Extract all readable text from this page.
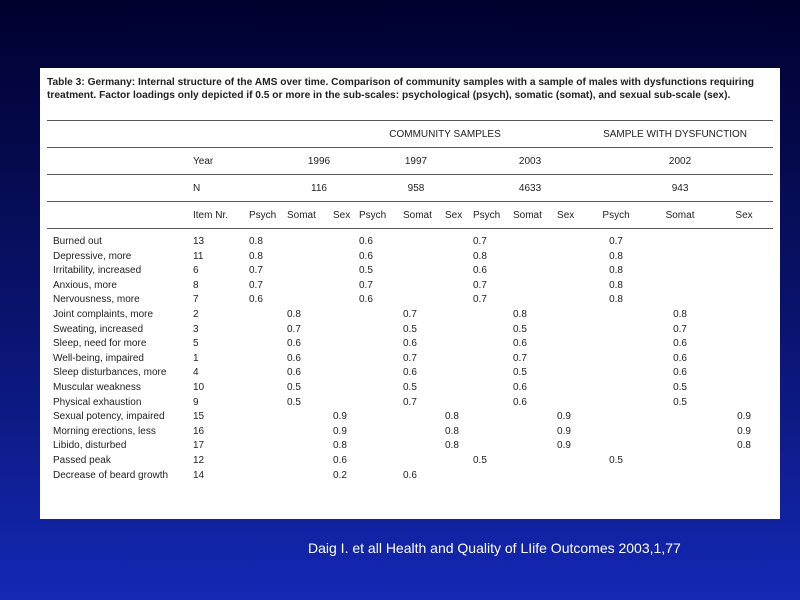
Table 3: Germany: Internal structure of the AMS over time. Comparison of community samples with a sample of males with dysfunctions requiring treatment. Factor loadings only depicted if 0.5 or more in the sub-scales: psychological (psych), somatic (somat), and sexual sub-scale (sex).

				COMMUNITY SAMPLES						SAMPLE WITH DYSFUNCTION			
	Year	1996			1997			2003			2002		
	N	116			958			4633			943		
	Item Nr.	Psych	Somat	Sex	Psych	Somat	Sex	Psych	Somat	Sex	Psych	Somat	Sex

Burned out	13	0.8			0.6			0.7			0.7		
Depressive, more	11	0.8			0.6			0.8			0.8		
Irritability, increased	6	0.7			0.5			0.6			0.8		
Anxious, more	8	0.7			0.7			0.7			0.8		
Nervousness, more	7	0.6			0.6			0.7			0.8		
Joint complaints, more	2		0.8			0.7			0.8			0.8	
Sweating, increased	3		0.7			0.5			0.5			0.7	
Sleep, need for more	5		0.6			0.6			0.6			0.6	
Well-being, impaired	1		0.6			0.7			0.7			0.6	
Sleep disturbances, more	4		0.6			0.6			0.5			0.6	
Muscular weakness	10		0.5			0.5			0.6			0.5	
Physical exhaustion	9		0.5			0.7			0.6			0.5	
Sexual potency, impaired	15			0.9			0.8			0.9			0.9
Morning erections, less	16			0.9			0.8			0.9			0.9
Libido, disturbed	17			0.8			0.8			0.9			0.8
Passed peak	12			0.6				0.5			0.5		
Decrease of beard growth	14			0.2		0.6							
Daig I. et all Health and Quality of LIife Outcomes 2003,1,77
